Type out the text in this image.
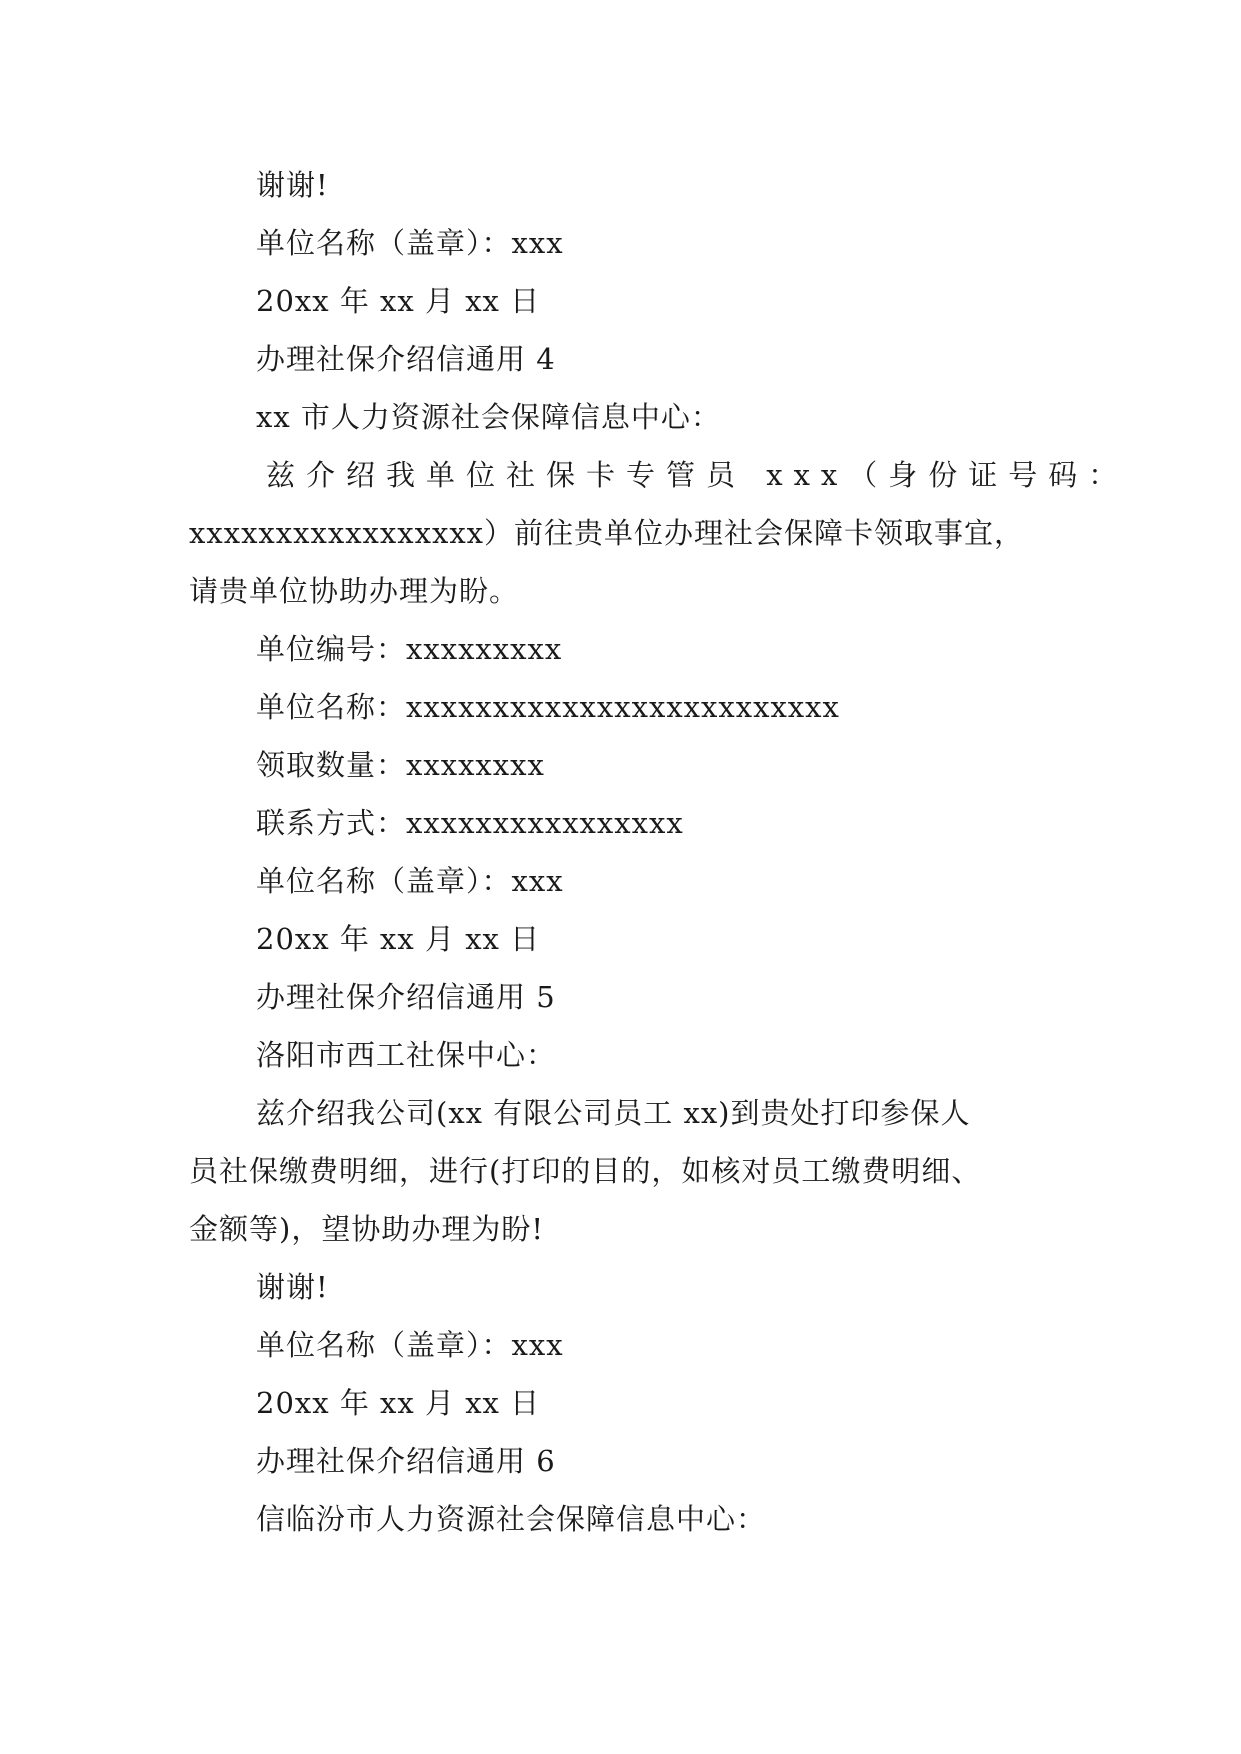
谢谢!
单位名称（盖章）：xxx
20xx 年 xx 月 xx 日
办理社保介绍信通用 4
xx 市人力资源社会保障信息中心：
兹介绍我单位社保卡专管员 xxx（身份证号码：
xxxxxxxxxxxxxxxxx）前往贵单位办理社会保障卡领取事宜，
请贵单位协助办理为盼。
单位编号：xxxxxxxxx
单位名称：xxxxxxxxxxxxxxxxxxxxxxxxx
领取数量：xxxxxxxx
联系方式：xxxxxxxxxxxxxxxx
单位名称（盖章）：xxx
20xx 年 xx 月 xx 日
办理社保介绍信通用 5
洛阳市西工社保中心：
兹介绍我公司(xx 有限公司员工 xx)到贵处打印参保人
员社保缴费明细，进行(打印的目的，如核对员工缴费明细、
金额等)，望协助办理为盼!
谢谢!
单位名称（盖章）：xxx
20xx 年 xx 月 xx 日
办理社保介绍信通用 6
信临汾市人力资源社会保障信息中心：
